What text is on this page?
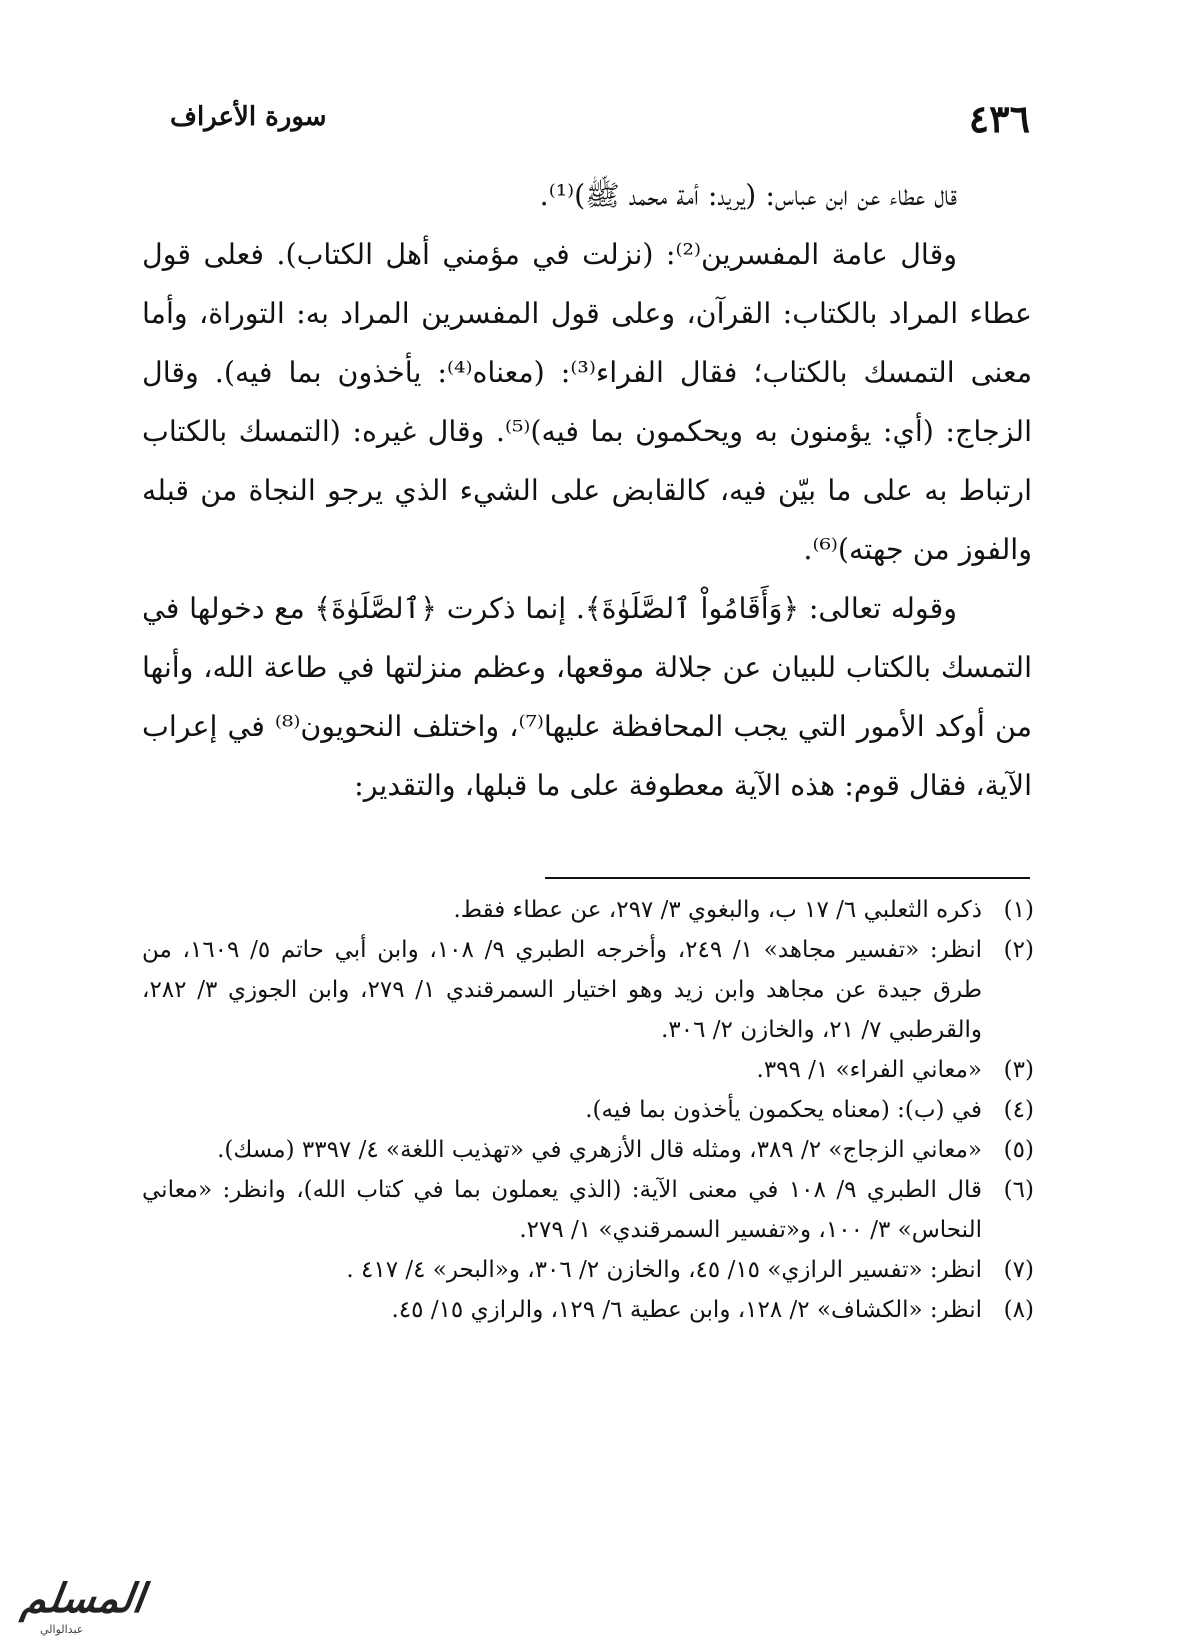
٤٣٦
سورة الأعراف

قال عطاء عن ابن عباس: (يريد: أمة محمد ﷺ)⁽¹⁾.

وقال عامة المفسرين⁽²⁾: (نزلت في مؤمني أهل الكتاب). فعلى قول عطاء المراد بالكتاب: القرآن، وعلى قول المفسرين المراد به: التوراة، وأما معنى التمسك بالكتاب؛ فقال الفراء⁽³⁾: (معناه⁽⁴⁾: يأخذون بما فيه). وقال الزجاج: (أي: يؤمنون به ويحكمون بما فيه)⁽⁵⁾. وقال غيره: (التمسك بالكتاب ارتباط به على ما بيّن فيه، كالقابض على الشيء الذي يرجو النجاة من قبله والفوز من جهته)⁽⁶⁾.

وقوله تعالى: ﴿وَأَقَامُواْ ٱلصَّلَوٰةَ﴾. إنما ذكرت ﴿ٱلصَّلَوٰةَ﴾ مع دخولها في التمسك بالكتاب للبيان عن جلالة موقعها، وعظم منزلتها في طاعة الله، وأنها من أوكد الأمور التي يجب المحافظة عليها⁽⁷⁾، واختلف النحويون⁽⁸⁾ في إعراب الآية، فقال قوم: هذه الآية معطوفة على ما قبلها، والتقدير:

(١)
ذكره الثعلبي ٦/ ١٧ ب، والبغوي ٣/ ٢٩٧، عن عطاء فقط.
(٢)
انظر: «تفسير مجاهد» ١/ ٢٤٩، وأخرجه الطبري ٩/ ١٠٨، وابن أبي حاتم ٥/ ١٦٠٩، من طرق جيدة عن مجاهد وابن زيد وهو اختيار السمرقندي ١/ ٢٧٩، وابن الجوزي ٣/ ٢٨٢، والقرطبي ٧/ ٢١، والخازن ٢/ ٣٠٦.
(٣)
«معاني الفراء» ١/ ٣٩٩.
(٤)
في (ب): (معناه يحكمون يأخذون بما فيه).
(٥)
«معاني الزجاج» ٢/ ٣٨٩، ومثله قال الأزهري في «تهذيب اللغة» ٤/ ٣٣٩٧ (مسك).
(٦)
قال الطبري ٩/ ١٠٨ في معنى الآية: (الذي يعملون بما في كتاب الله)، وانظر: «معاني النحاس» ٣/ ١٠٠، و«تفسير السمرقندي» ١/ ٢٧٩.
(٧)
انظر: «تفسير الرازي» ١٥/ ٤٥، والخازن ٢/ ٣٠٦، و«البحر» ٤/ ٤١٧ .
(٨)
انظر: «الكشاف» ٢/ ١٢٨، وابن عطية ٦/ ١٢٩، والرازي ١٥/ ٤٥.
المسلم
عبدالوالي
